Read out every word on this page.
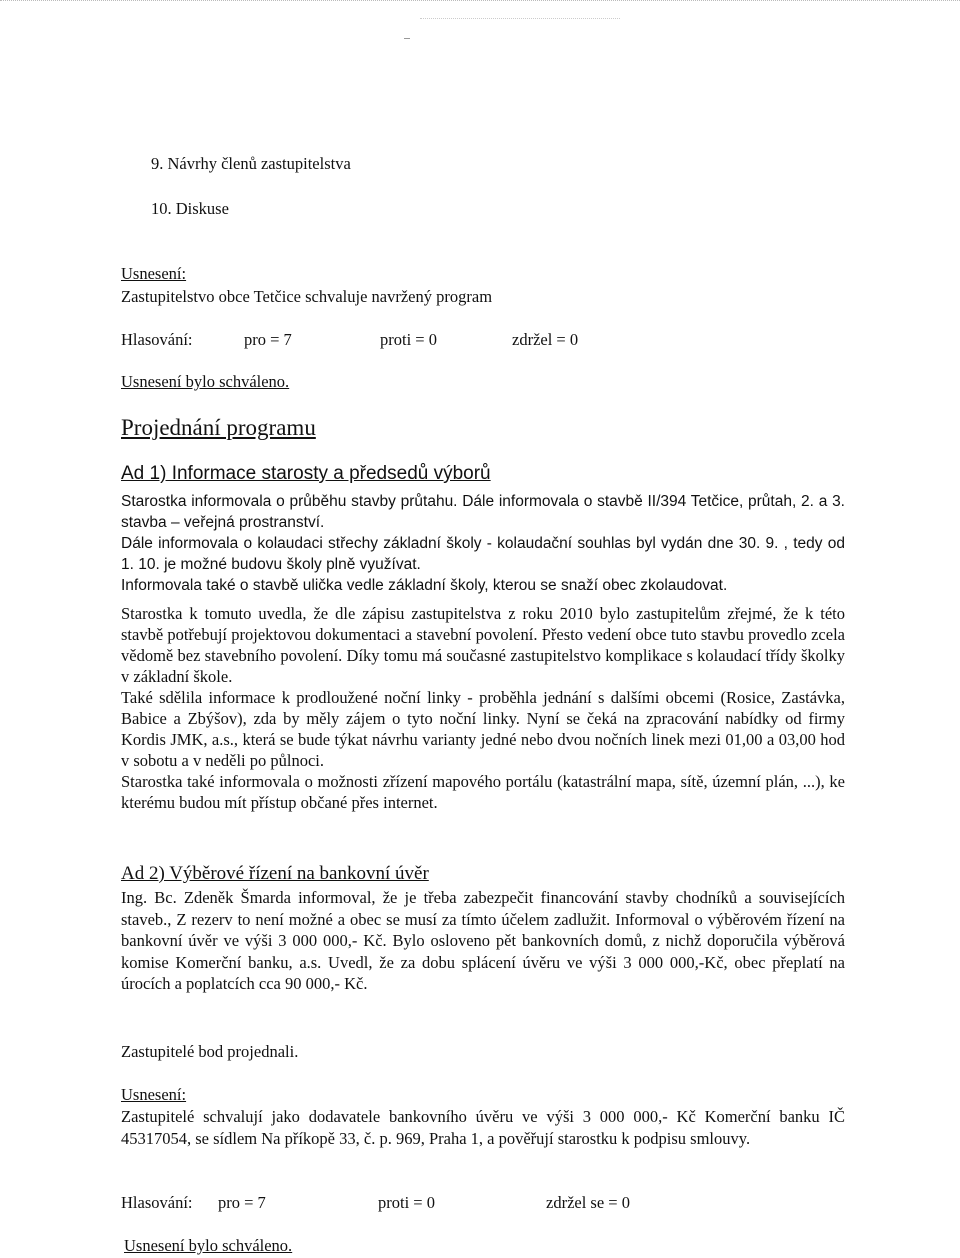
9. Návrhy členů zastupitelstva

10. Diskuse

Usnesení:

Zastupitelstvo obce Tetčice schvaluje navržený program

Hlasování:	pro = 7	proti = 0	zdržel = 0

Usnesení bylo schváleno.

Projednání programu

Ad 1) Informace starosty a předsedů výborů

Starostka informovala o průběhu stavby průtahu. Dále informovala o stavbě II/394 Tetčice, průtah, 2. a 3. stavba – veřejná prostranství.
Dále informovala o kolaudaci střechy základní školy - kolaudační souhlas byl vydán dne 30. 9. , tedy od 1. 10. je možné budovu školy plně využívat.
Informovala také o stavbě ulička vedle základní školy, kterou se snaží obec zkolaudovat.
Starostka k tomuto uvedla, že dle zápisu zastupitelstva z roku 2010 bylo zastupitelům zřejmé, že k této stavbě potřebují projektovou dokumentaci a stavební povolení. Přesto vedení obce tuto stavbu provedlo zcela vědomě bez stavebního povolení. Díky tomu má současné zastupitelstvo komplikace s kolaudací třídy školky v základní škole.
Také sdělila informace k prodloužené noční linky - proběhla jednání s dalšími obcemi (Rosice, Zastávka, Babice a Zbýšov), zda by měly zájem o tyto noční linky. Nyní se čeká na zpracování nabídky od firmy Kordis JMK, a.s., která se bude týkat návrhu varianty jedné nebo dvou nočních linek mezi 01,00 a 03,00 hod v sobotu a v neděli po půlnoci.
Starostka také informovala o možnosti zřízení mapového portálu (katastrální mapa, sítě, územní plán, ...), ke kterému budou mít přístup občané přes internet.

Ad 2) Výběrové řízení na bankovní úvěr

Ing. Bc. Zdeněk Šmarda informoval, že je třeba zabezpečit financování stavby chodníků a souvisejících staveb., Z rezerv to není možné a obec se musí za tímto účelem zadlužit. Informoval o výběrovém řízení na bankovní úvěr ve výši 3 000 000,- Kč. Bylo osloveno pět bankovních domů, z nichž doporučila výběrová komise Komerční banku, a.s. Uvedl, že za dobu splácení úvěru ve výši 3 000 000,-Kč, obec přeplatí na úrocích a poplatcích cca 90 000,- Kč.

Zastupitelé bod projednali.

Usnesení:

Zastupitelé schvalují jako dodavatele bankovního úvěru ve výši 3 000 000,- Kč Komerční banku IČ 45317054, se sídlem Na příkopě 33, č. p. 969, Praha 1, a pověřují starostku k podpisu smlouvy.
Hlasování: pro = 7	proti = 0	zdržel se = 0

Usnesení bylo schváleno.
